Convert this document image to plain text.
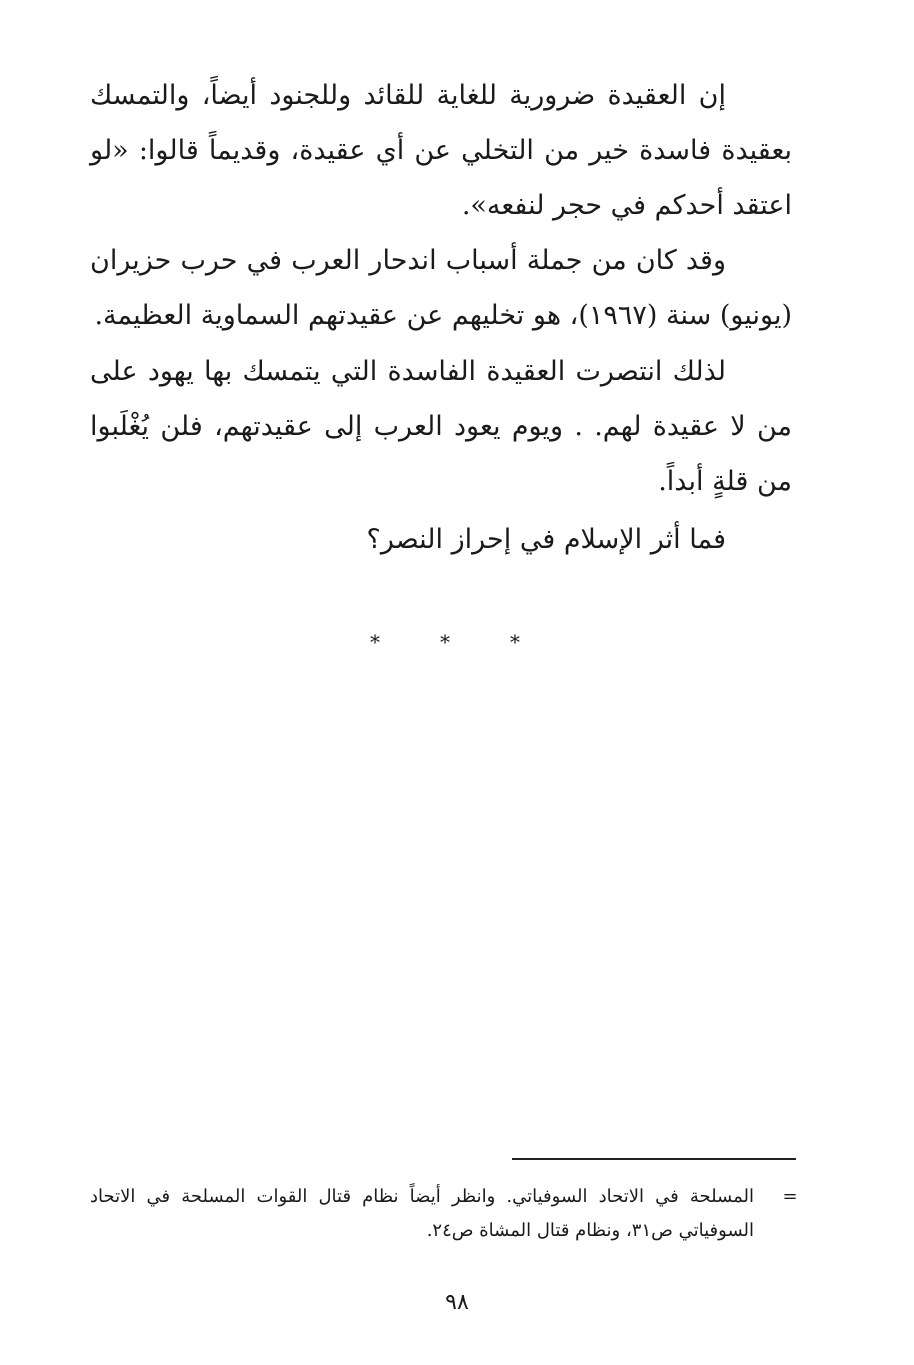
إن العقيدة ضرورية للغاية للقائد وللجنود أيضاً، والتمسك بعقيدة فاسدة خير من التخلي عن أي عقيدة، وقديماً قالوا: «لو اعتقد أحدكم في حجر لنفعه».

وقد كان من جملة أسباب اندحار العرب في حرب حزيران (يونيو) سنة (١٩٦٧)، هو تخليهم عن عقيدتهم السماوية العظيمة.

لذلك انتصرت العقيدة الفاسدة التي يتمسك بها يهود على من لا عقيدة لهم. . ويوم يعود العرب إلى عقيدتهم، فلن يُغْلَبوا من قلةٍ أبداً.

فما أثر الإسلام في إحراز النصر؟

*	*	*
=
المسلحة في الاتحاد السوفياتي. وانظر أيضاً نظام قتال القوات المسلحة في الاتحاد السوفياتي ص٣١، ونظام قتال المشاة ص٢٤.
٩٨
